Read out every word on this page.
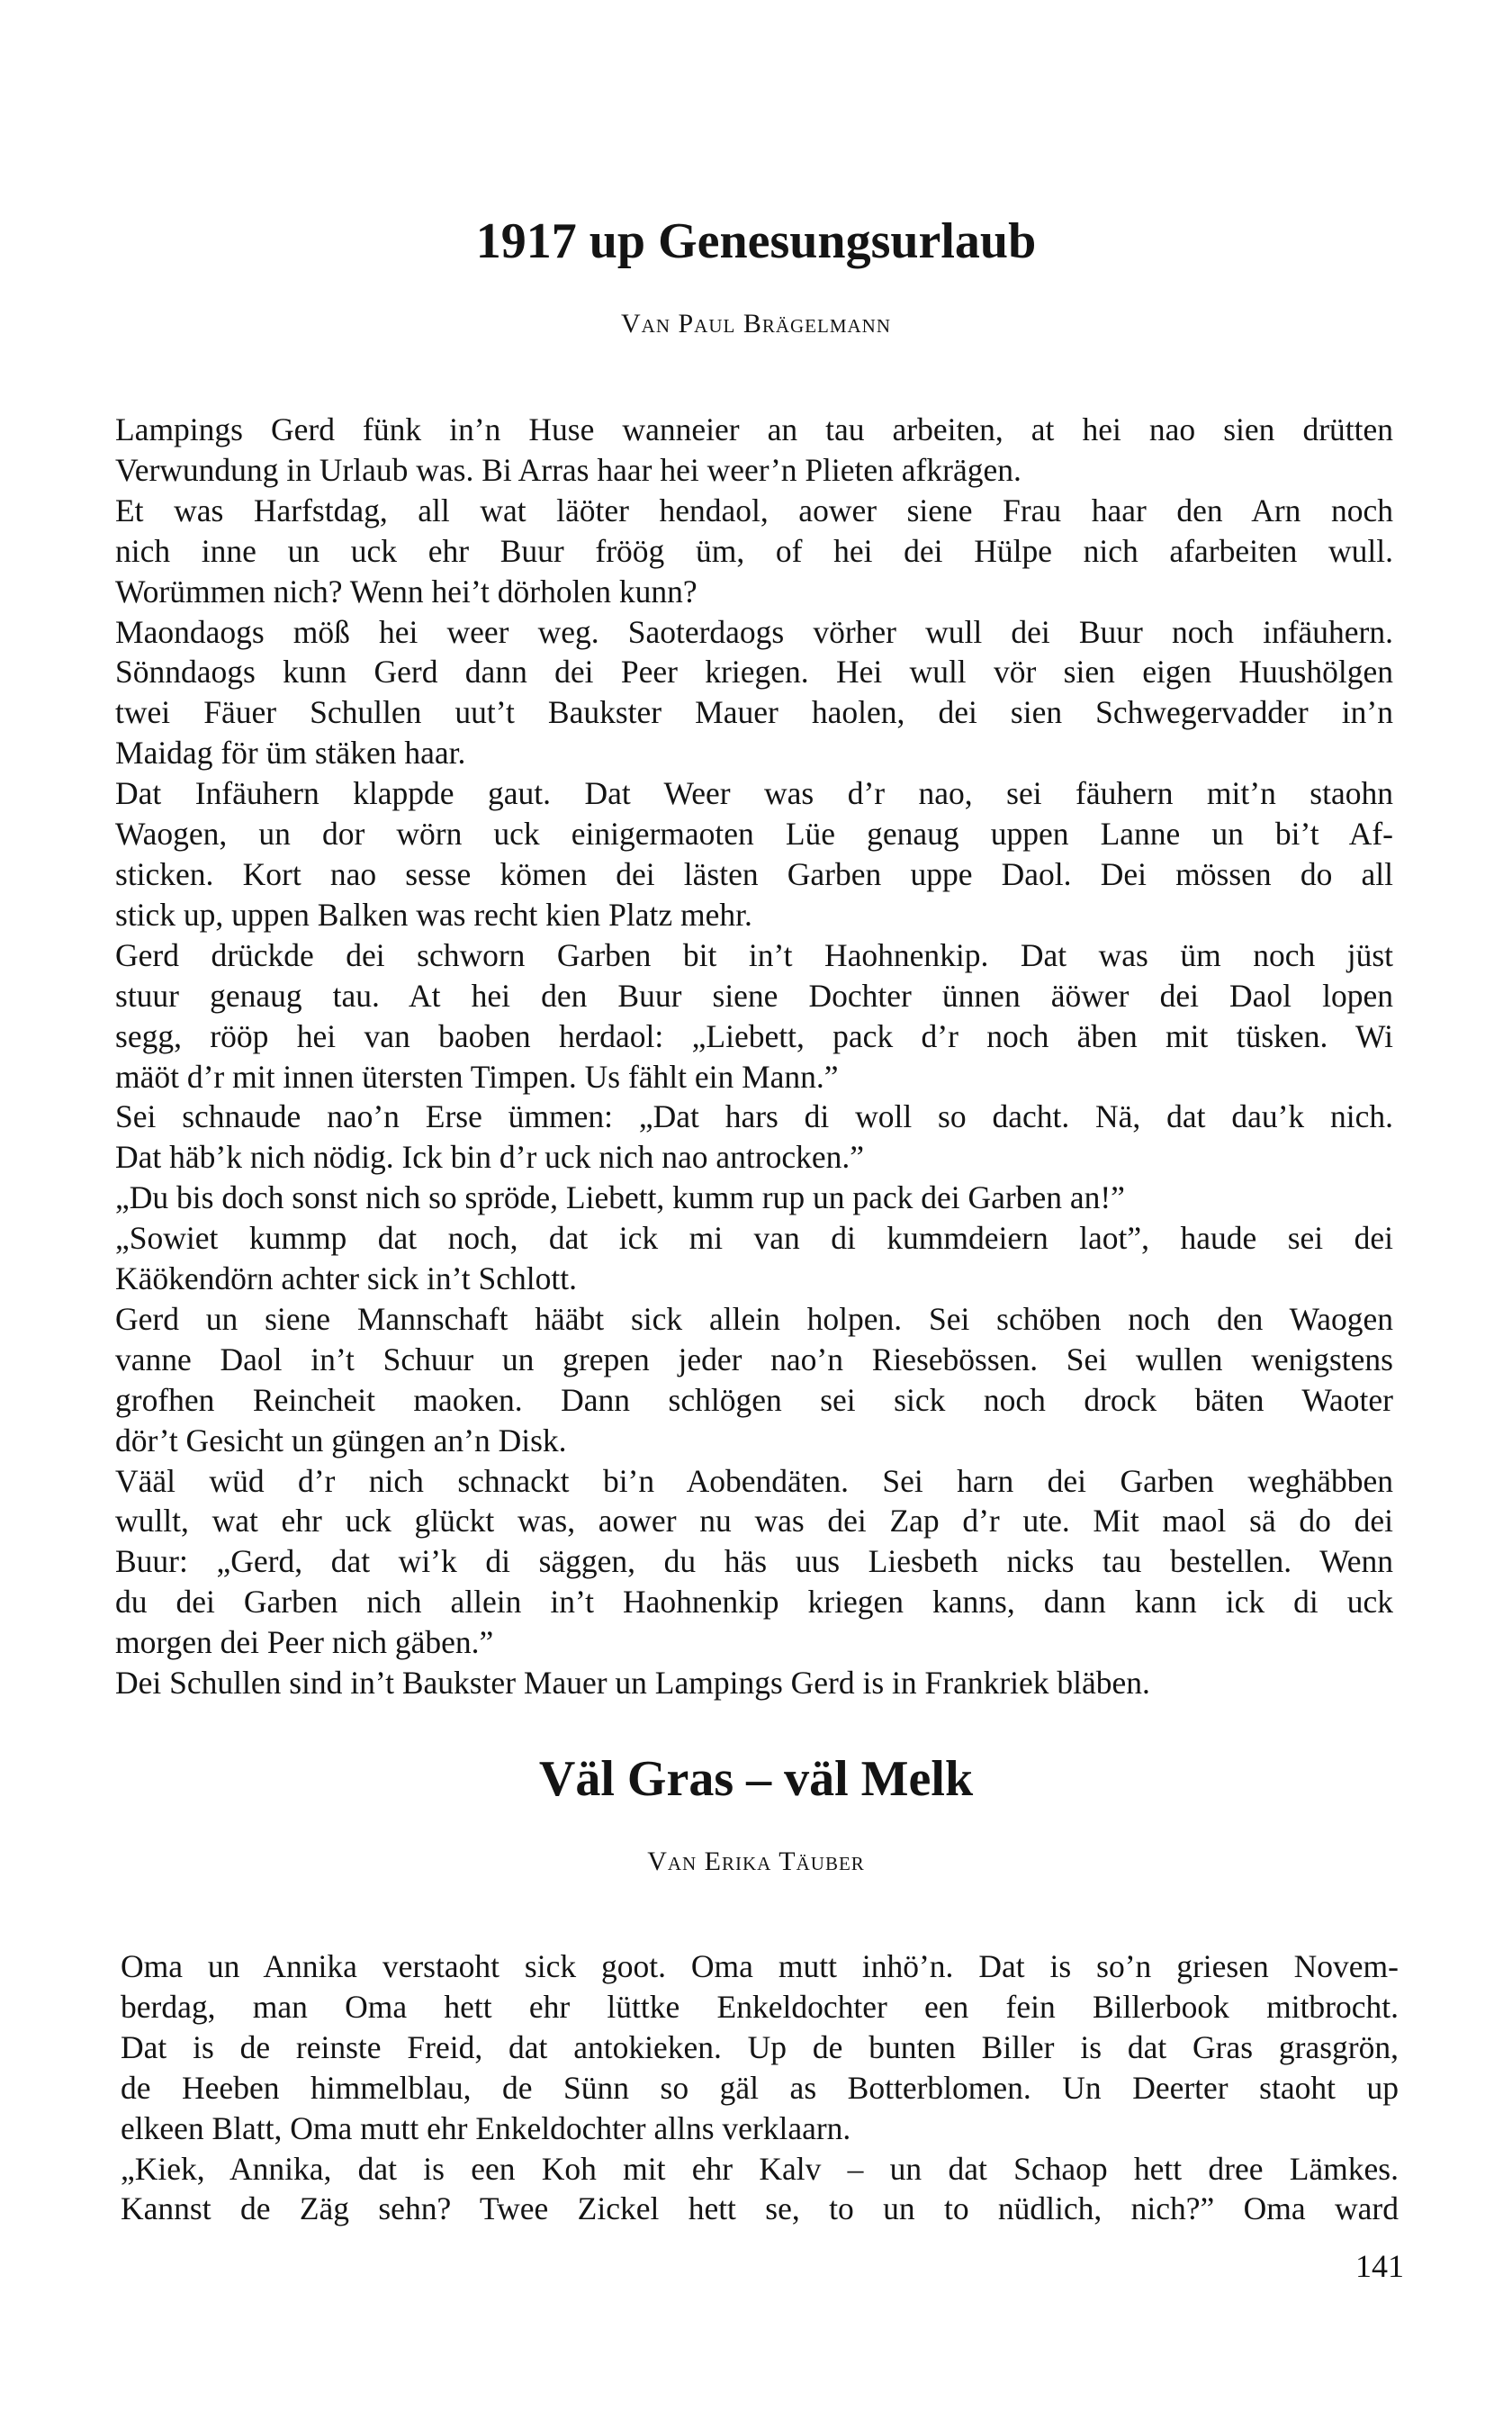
1917 up Genesungsurlaub

Van Paul Brägelmann

Lampings Gerd fünk in’n Huse wanneier an tau arbeiten, at hei nao sien drütten
Verwundung in Urlaub was. Bi Arras haar hei weer’n Plieten afkrägen.
Et was Harfstdag, all wat läöter hendaol, aower siene Frau haar den Arn noch
nich inne un uck ehr Buur fröög üm, of hei dei Hülpe nich afarbeiten wull.
Worümmen nich? Wenn hei’t dörholen kunn?
Maondaogs möß hei weer weg. Saoterdaogs vörher wull dei Buur noch infäuhern.
Sönndaogs kunn Gerd dann dei Peer kriegen. Hei wull vör sien eigen Huushölgen
twei Fäuer Schullen uut’t Baukster Mauer haolen, dei sien Schwegervadder in’n
Maidag för üm stäken haar.
Dat Infäuhern klappde gaut. Dat Weer was d’r nao, sei fäuhern mit’n staohn
Waogen, un dor wörn uck einigermaoten Lüe genaug uppen Lanne un bi’t Af-
sticken. Kort nao sesse kömen dei lästen Garben uppe Daol. Dei mössen do all
stick up, uppen Balken was recht kien Platz mehr.
Gerd drückde dei schworn Garben bit in’t Haohnenkip. Dat was üm noch jüst
stuur genaug tau. At hei den Buur siene Dochter ünnen äöwer dei Daol lopen
segg, rööp hei van baoben herdaol: „Liebett, pack d’r noch äben mit tüsken. Wi
mäöt d’r mit innen ütersten Timpen. Us fählt ein Mann.”
Sei schnaude nao’n Erse ümmen: „Dat hars di woll so dacht. Nä, dat dau’k nich.
Dat häb’k nich nödig. Ick bin d’r uck nich nao antrocken.”
„Du bis doch sonst nich so spröde, Liebett, kumm rup un pack dei Garben an!”
„Sowiet kummp dat noch, dat ick mi van di kummdeiern laot”, haude sei dei
Käökendörn achter sick in’t Schlott.
Gerd un siene Mannschaft hääbt sick allein holpen. Sei schöben noch den Waogen
vanne Daol in’t Schuur un grepen jeder nao’n Riesebössen. Sei wullen wenigstens
grofhen Reincheit maoken. Dann schlögen sei sick noch drock bäten Waoter
dör’t Gesicht un güngen an’n Disk.
Vääl wüd d’r nich schnackt bi’n Aobendäten. Sei harn dei Garben weghäbben
wullt, wat ehr uck glückt was, aower nu was dei Zap d’r ute. Mit maol sä do dei
Buur: „Gerd, dat wi’k di säggen, du häs uus Liesbeth nicks tau bestellen. Wenn
du dei Garben nich allein in’t Haohnenkip kriegen kanns, dann kann ick di uck
morgen dei Peer nich gäben.”
Dei Schullen sind in’t Baukster Mauer un Lampings Gerd is in Frankriek bläben.
Väl Gras – väl Melk

Van Erika Täuber

Oma un Annika verstaoht sick goot. Oma mutt inhö’n. Dat is so’n griesen Novem-
berdag, man Oma hett ehr lüttke Enkeldochter een fein Billerbook mitbrocht.
Dat is de reinste Freid, dat antokieken. Up de bunten Biller is dat Gras grasgrön,
de Heeben himmelblau, de Sünn so gäl as Botterblomen. Un Deerter staoht up
elkeen Blatt, Oma mutt ehr Enkeldochter allns verklaarn.
„Kiek, Annika, dat is een Koh mit ehr Kalv – un dat Schaop hett dree Lämkes.
Kannst de Zäg sehn? Twee Zickel hett se, to un to nüdlich, nich?” Oma ward

141
